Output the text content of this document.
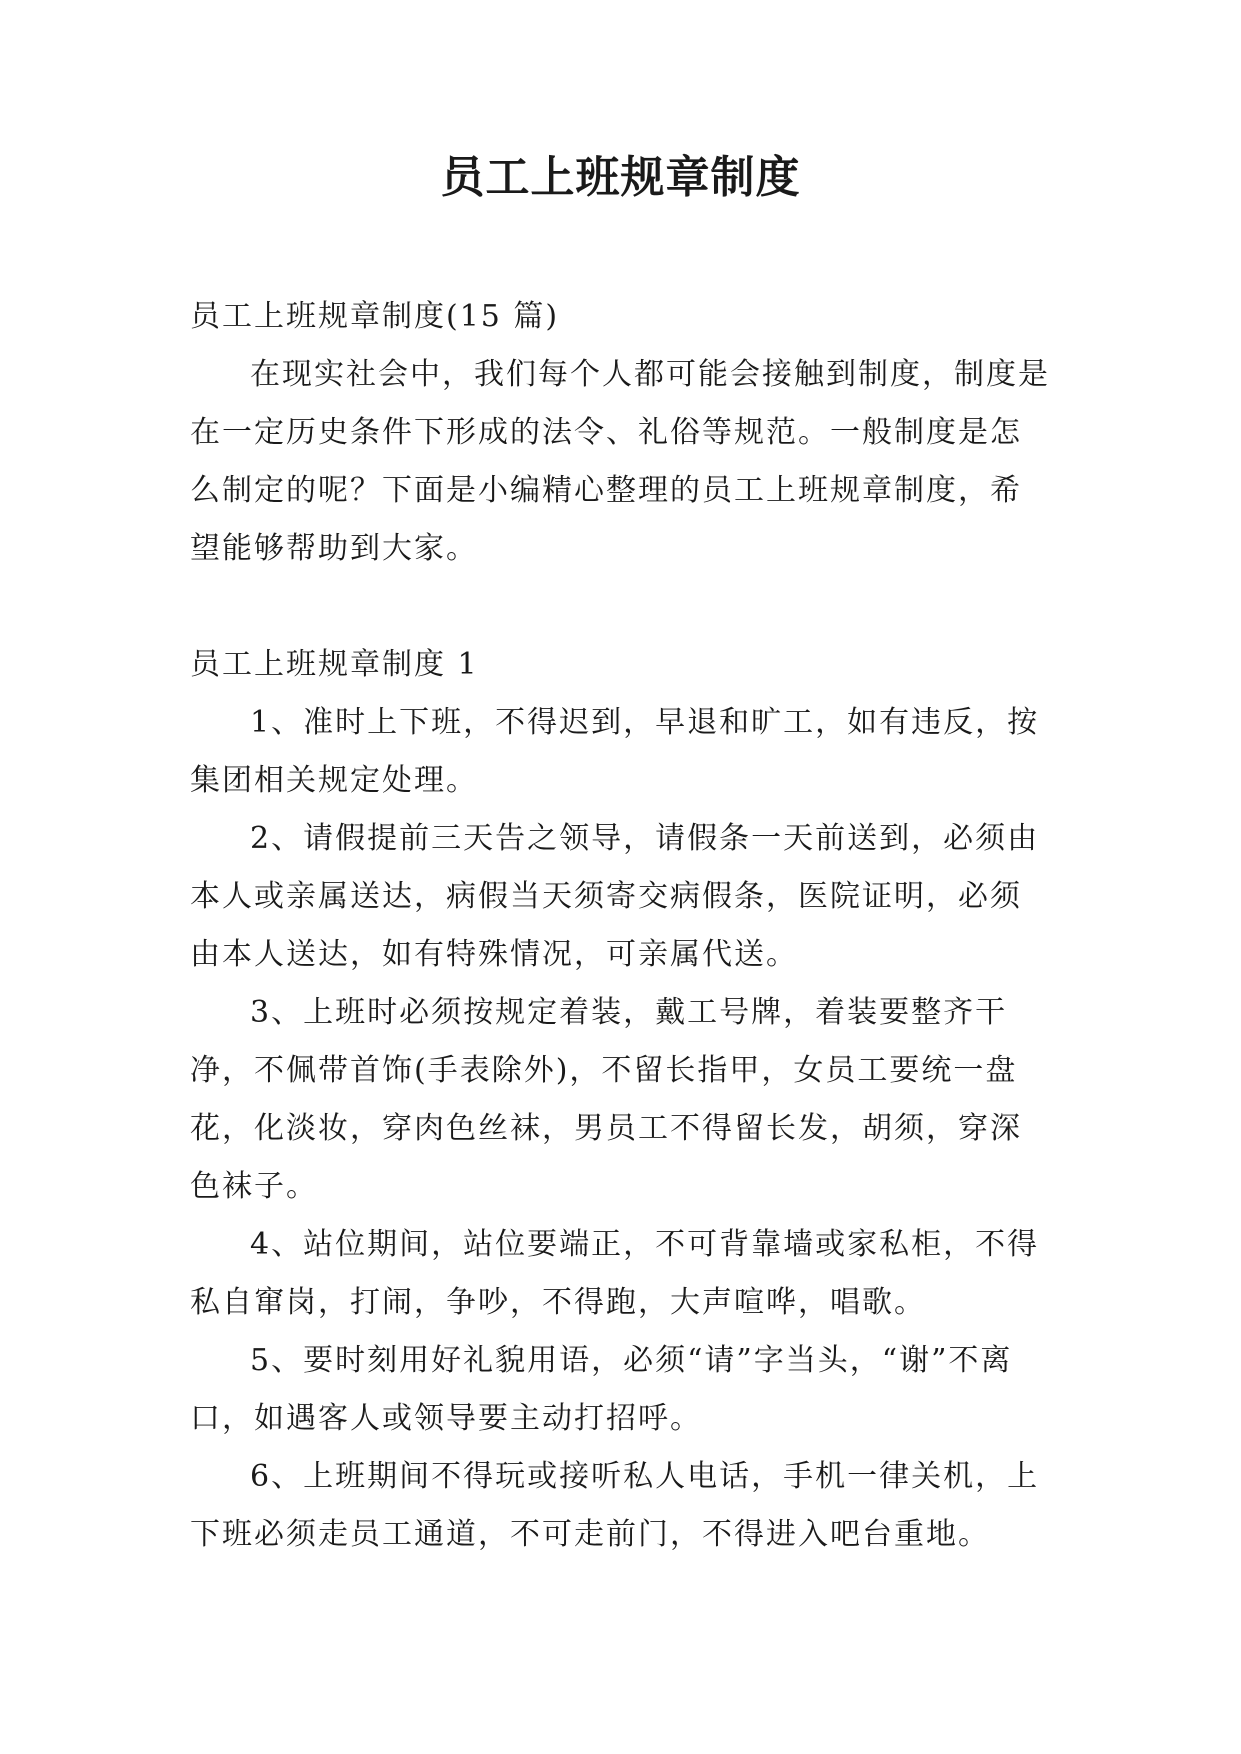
员工上班规章制度

员工上班规章制度(15 篇)

在现实社会中，我们每个人都可能会接触到制度，制度是在一定历史条件下形成的法令、礼俗等规范。一般制度是怎么制定的呢？下面是小编精心整理的员工上班规章制度，希望能够帮助到大家。

员工上班规章制度 1

1、准时上下班，不得迟到，早退和旷工，如有违反，按集团相关规定处理。

2、请假提前三天告之领导，请假条一天前送到，必须由本人或亲属送达，病假当天须寄交病假条，医院证明，必须由本人送达，如有特殊情况，可亲属代送。

3、上班时必须按规定着装，戴工号牌，着装要整齐干净，不佩带首饰(手表除外)，不留长指甲，女员工要统一盘花，化淡妆，穿肉色丝袜，男员工不得留长发，胡须，穿深色袜子。

4、站位期间，站位要端正，不可背靠墙或家私柜，不得私自窜岗，打闹，争吵，不得跑，大声喧哗，唱歌。

5、要时刻用好礼貌用语，必须“请”字当头，“谢”不离口，如遇客人或领导要主动打招呼。

6、上班期间不得玩或接听私人电话，手机一律关机，上下班必须走员工通道，不可走前门，不得进入吧台重地。
